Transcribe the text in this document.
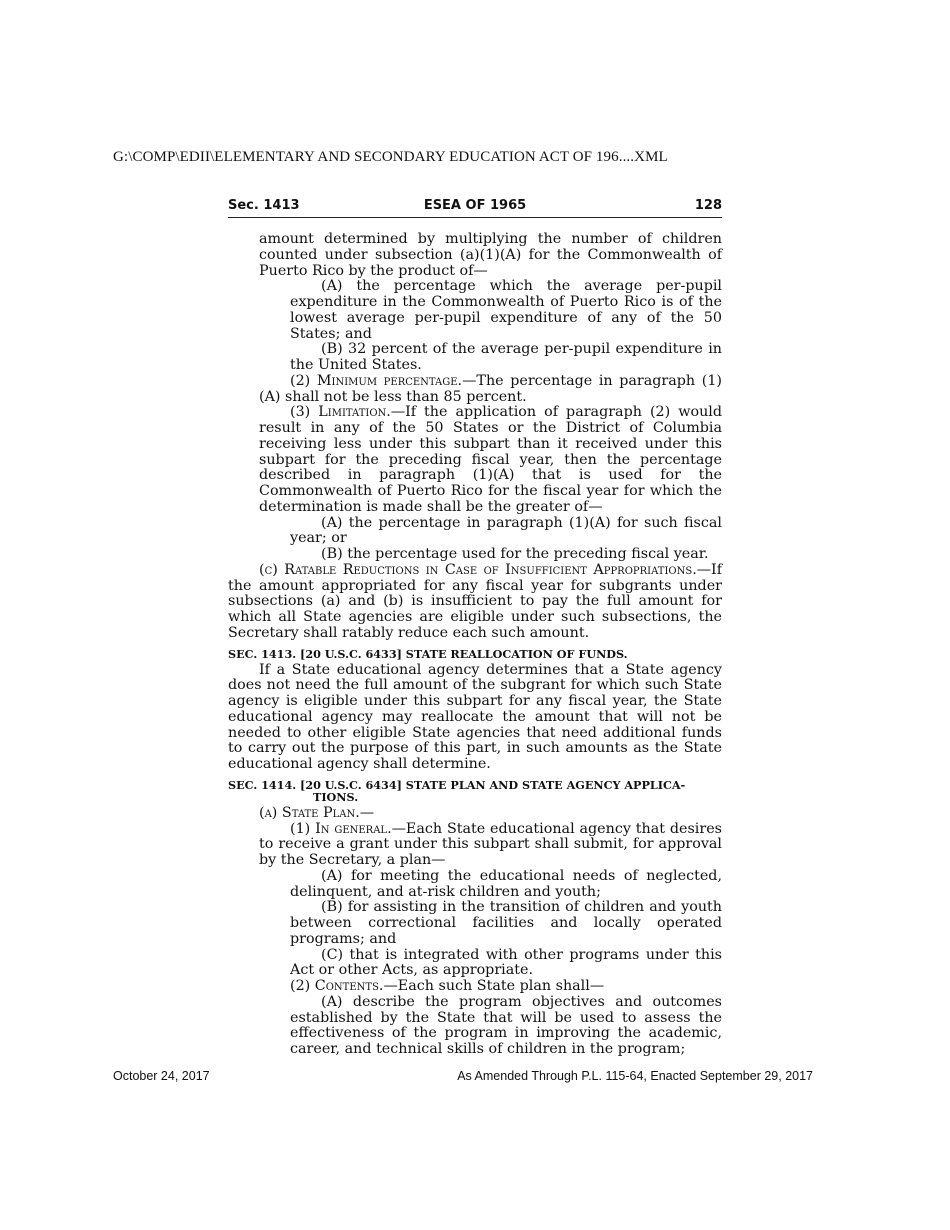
G:\COMP\EDII\ELEMENTARY AND SECONDARY EDUCATION ACT OF 196....XML
Sec. 1413	ESEA OF 1965	128

amount determined by multiplying the number of children counted under subsection (a)(1)(A) for the Commonwealth of Puerto Rico by the product of—

(A) the percentage which the average per-pupil expenditure in the Commonwealth of Puerto Rico is of the lowest average per-pupil expenditure of any of the 50 States; and

(B) 32 percent of the average per-pupil expenditure in the United States.

(2) Minimum percentage.—The percentage in paragraph (1)(A) shall not be less than 85 percent.

(3) Limitation.—If the application of paragraph (2) would result in any of the 50 States or the District of Columbia receiving less under this subpart than it received under this subpart for the preceding fiscal year, then the percentage described in paragraph (1)(A) that is used for the Commonwealth of Puerto Rico for the fiscal year for which the determination is made shall be the greater of—

(A) the percentage in paragraph (1)(A) for such fiscal year; or

(B) the percentage used for the preceding fiscal year.

(c) Ratable Reductions in Case of Insufficient Appropriations.—If the amount appropriated for any fiscal year for subgrants under subsections (a) and (b) is insufficient to pay the full amount for which all State agencies are eligible under such subsections, the Secretary shall ratably reduce each such amount.

SEC. 1413. [20 U.S.C. 6433] STATE REALLOCATION OF FUNDS.

If a State educational agency determines that a State agency does not need the full amount of the subgrant for which such State agency is eligible under this subpart for any fiscal year, the State educational agency may reallocate the amount that will not be needed to other eligible State agencies that need additional funds to carry out the purpose of this part, in such amounts as the State educational agency shall determine.

SEC. 1414. [20 U.S.C. 6434] STATE PLAN AND STATE AGENCY APPLICA-
TIONS.

(a) State Plan.—

(1) In general.—Each State educational agency that desires to receive a grant under this subpart shall submit, for approval by the Secretary, a plan—

(A) for meeting the educational needs of neglected, delinquent, and at-risk children and youth;

(B) for assisting in the transition of children and youth between correctional facilities and locally operated programs; and

(C) that is integrated with other programs under this Act or other Acts, as appropriate.

(2) Contents.—Each such State plan shall—

(A) describe the program objectives and outcomes established by the State that will be used to assess the effectiveness of the program in improving the academic, career, and technical skills of children in the program;

October 24, 2017	As Amended Through P.L. 115-64, Enacted September 29, 2017
